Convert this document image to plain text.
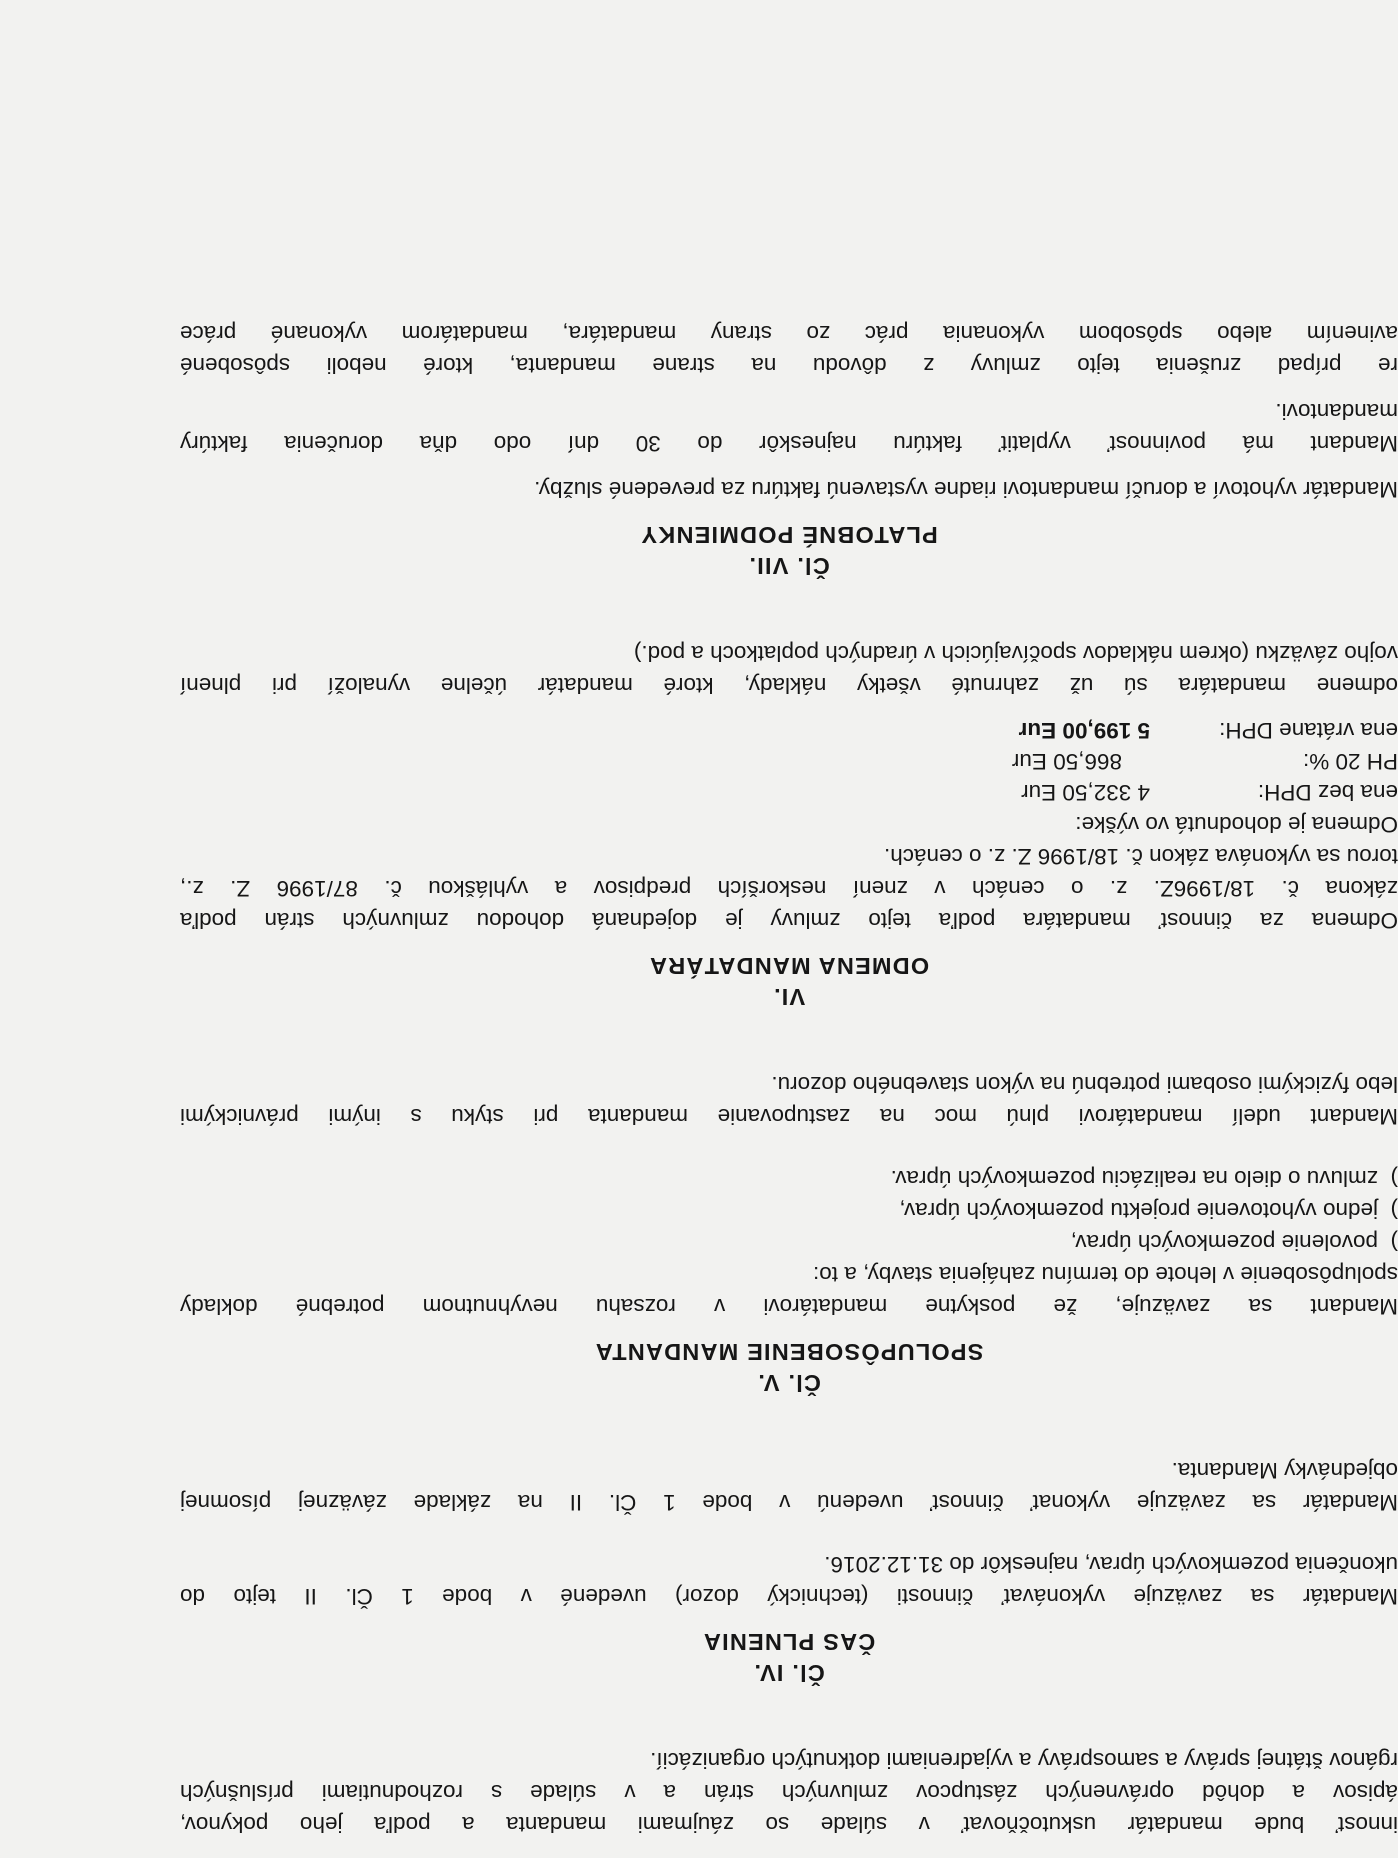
innosť bude mandatár uskutočňovať v súlade so záujmami mandanta a podľa jeho pokynov,
ápisov a dohôd oprávnených zástupcov zmluvných strán a v súlade s rozhodnutiami príslušných
rgánov štátnej správy a samosprávy a vyjadreniami dotknutých organizácií.
Čl. IV.
ČAS PLNENIA
Mandatár sa zaväzuje vykonávať činnosti (technický dozor) uvedené v bode 1 Čl. II tejto do
ukončenia pozemkových úprav, najneskôr do 31.12.2016.
Mandatár sa zaväzuje vykonať činnosť uvedenú v bode 1 Čl. II na základe záväznej písomnej
objednávky Mandanta.
Čl. V.
SPOLUPÔSOBENIE MANDANTA
Mandant sa zaväzuje, že poskytne mandatárovi v rozsahu nevyhnutnom potrebné doklady
spolupôsobenie v lehote do termínu zahájenia stavby, a to:
)  povolenie pozemkových úprav,
)  jedno vyhotovenie projektu pozemkových úprav,
)  zmluvu o dielo na realizáciu pozemkových úprav.
Mandant udelí mandatárovi plnú moc na zastupovanie mandanta pri styku s inými právnickými
lebo fyzickými osobami potrebnú na výkon stavebného dozoru.
VI.
ODMENA MANDATÁRA
Odmena za činnosť mandatára podľa tejto zmluvy je dojednaná dohodou zmluvných strán podľa
zákona č. 18/1996Z. z. o cenách v znení neskorších predpisov a vyhláškou č. 87/1996 Z. z.,
torou sa vykonáva zákon č. 18/1996 Z. z. o cenách.
Odmena je dohodnutá vo výške:
ena bez DPH:
4 332,50 Eur
PH 20 %:
866,50 Eur
ena vrátane DPH:
5 199,00 Eur
odmene mandatára sú už zahrnuté všetky náklady, ktoré mandatár účelne vynaloží pri plnení
vojho záväzku (okrem nákladov spočívajúcich v úradných poplatkoch a pod.)
Čl. VII.
PLATOBNÉ PODMIENKY
Mandatár vyhotoví a doručí mandantovi riadne vystavenú faktúru za prevedené služby.
Mandant má povinnosť vyplatiť faktúru najneskôr do 30 dní odo dňa doručenia faktúry
mandantovi.
re prípad zrušenia tejto zmluvy z dôvodu na strane mandanta, ktoré neboli spôsobené
avinením alebo spôsobom vykonania prác zo strany mandatára, mandatárom vykonané práce
